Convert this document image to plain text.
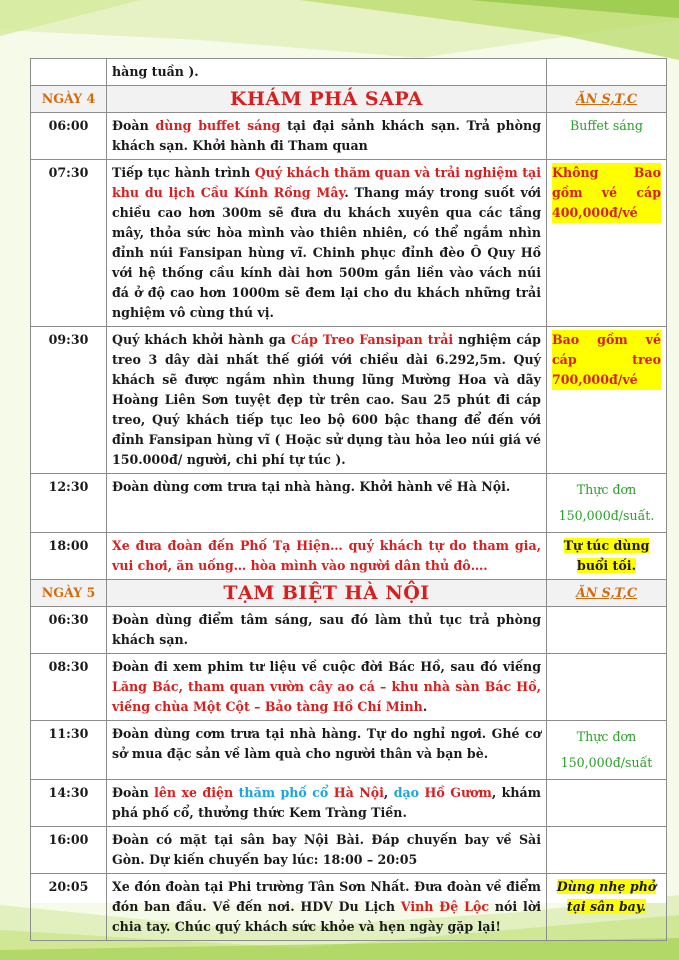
	hàng tuần ).	
NGÀY 4	KHÁM PHÁ SAPA	ĂN S,T,C
06:00	Đoàn dùng buffet sáng tại đại sảnh khách sạn. Trả phòng khách sạn. Khởi hành đi Tham quan	Buffet sáng
07:30	Tiếp tục hành trình Quý khách thăm quan và trải nghiệm tại khu du lịch Cầu Kính Rồng Mây. Thang máy trong suốt với chiều cao hơn 300m sẽ đưa du khách xuyên qua các tầng mây, thỏa sức hòa mình vào thiên nhiên, có thể ngắm nhìn đỉnh núi Fansipan hùng vĩ. Chinh phục đỉnh đèo Ô Quy Hồ với hệ thống cầu kính dài hơn 500m gắn liền vào vách núi đá ở độ cao hơn 1000m sẽ đem lại cho du khách những trải nghiệm vô cùng thú vị.	Không Bao gồm vé cáp 400,000đ/vé

09:30	Quý khách khởi hành ga Cáp Treo Fansipan trải nghiệm cáp treo 3 dây dài nhất thế giới với chiều dài 6.292,5m. Quý khách sẽ được ngắm nhìn thung lũng Mường Hoa và dãy Hoàng Liên Sơn tuyệt đẹp từ trên cao. Sau 25 phút đi cáp treo, Quý khách tiếp tục leo bộ 600 bậc thang để đến với đỉnh Fansipan hùng vĩ ( Hoặc sử dụng tàu hỏa leo núi giá vé 150.000đ/ người, chi phí tự túc ).	Bao gồm vé cáp treo 700,000đ/vé

12:30	Đoàn dùng cơm trưa tại nhà hàng. Khởi hành về Hà Nội.	Thực đơn 150,000đ/suất.
18:00	Xe đưa đoàn đến Phố Tạ Hiện… quý khách tự do tham gia, vui chơi, ăn uống… hòa mình vào người dân thủ đô….	Tự túc dùng buổi tối.
NGÀY 5	TẠM BIỆT HÀ NỘI	ĂN S,T,C
06:30	Đoàn dùng điểm tâm sáng, sau đó làm thủ tục trả phòng khách sạn.	
08:30	Đoàn đi xem phim tư liệu về cuộc đời Bác Hồ, sau đó viếng Lăng Bác, tham quan vườn cây ao cá – khu nhà sàn Bác Hồ, viếng chùa Một Cột – Bảo tàng Hồ Chí Minh.	
11:30	Đoàn dùng cơm trưa tại nhà hàng. Tự do nghỉ ngơi. Ghé cơ sở mua đặc sản về làm quà cho người thân và bạn bè.	Thực đơn 150,000đ/suất
14:30	Đoàn lên xe điện thăm phố cổ Hà Nội, dạo Hồ Gươm, khám phá phố cổ, thưởng thức Kem Tràng Tiền.	
16:00	Đoàn có mặt tại sân bay Nội Bài. Đáp chuyến bay về Sài Gòn. Dự kiến chuyến bay lúc: 18:00 – 20:05	
20:05	Xe đón đoàn tại Phi trường Tân Sơn Nhất. Đưa đoàn về điểm đón ban đầu. Về đến nơi. HDV Du Lịch Vinh Đệ Lộc nói lời chia tay. Chúc quý khách sức khỏe và hẹn ngày gặp lại!	Dùng nhẹ phở tại sân bay.
